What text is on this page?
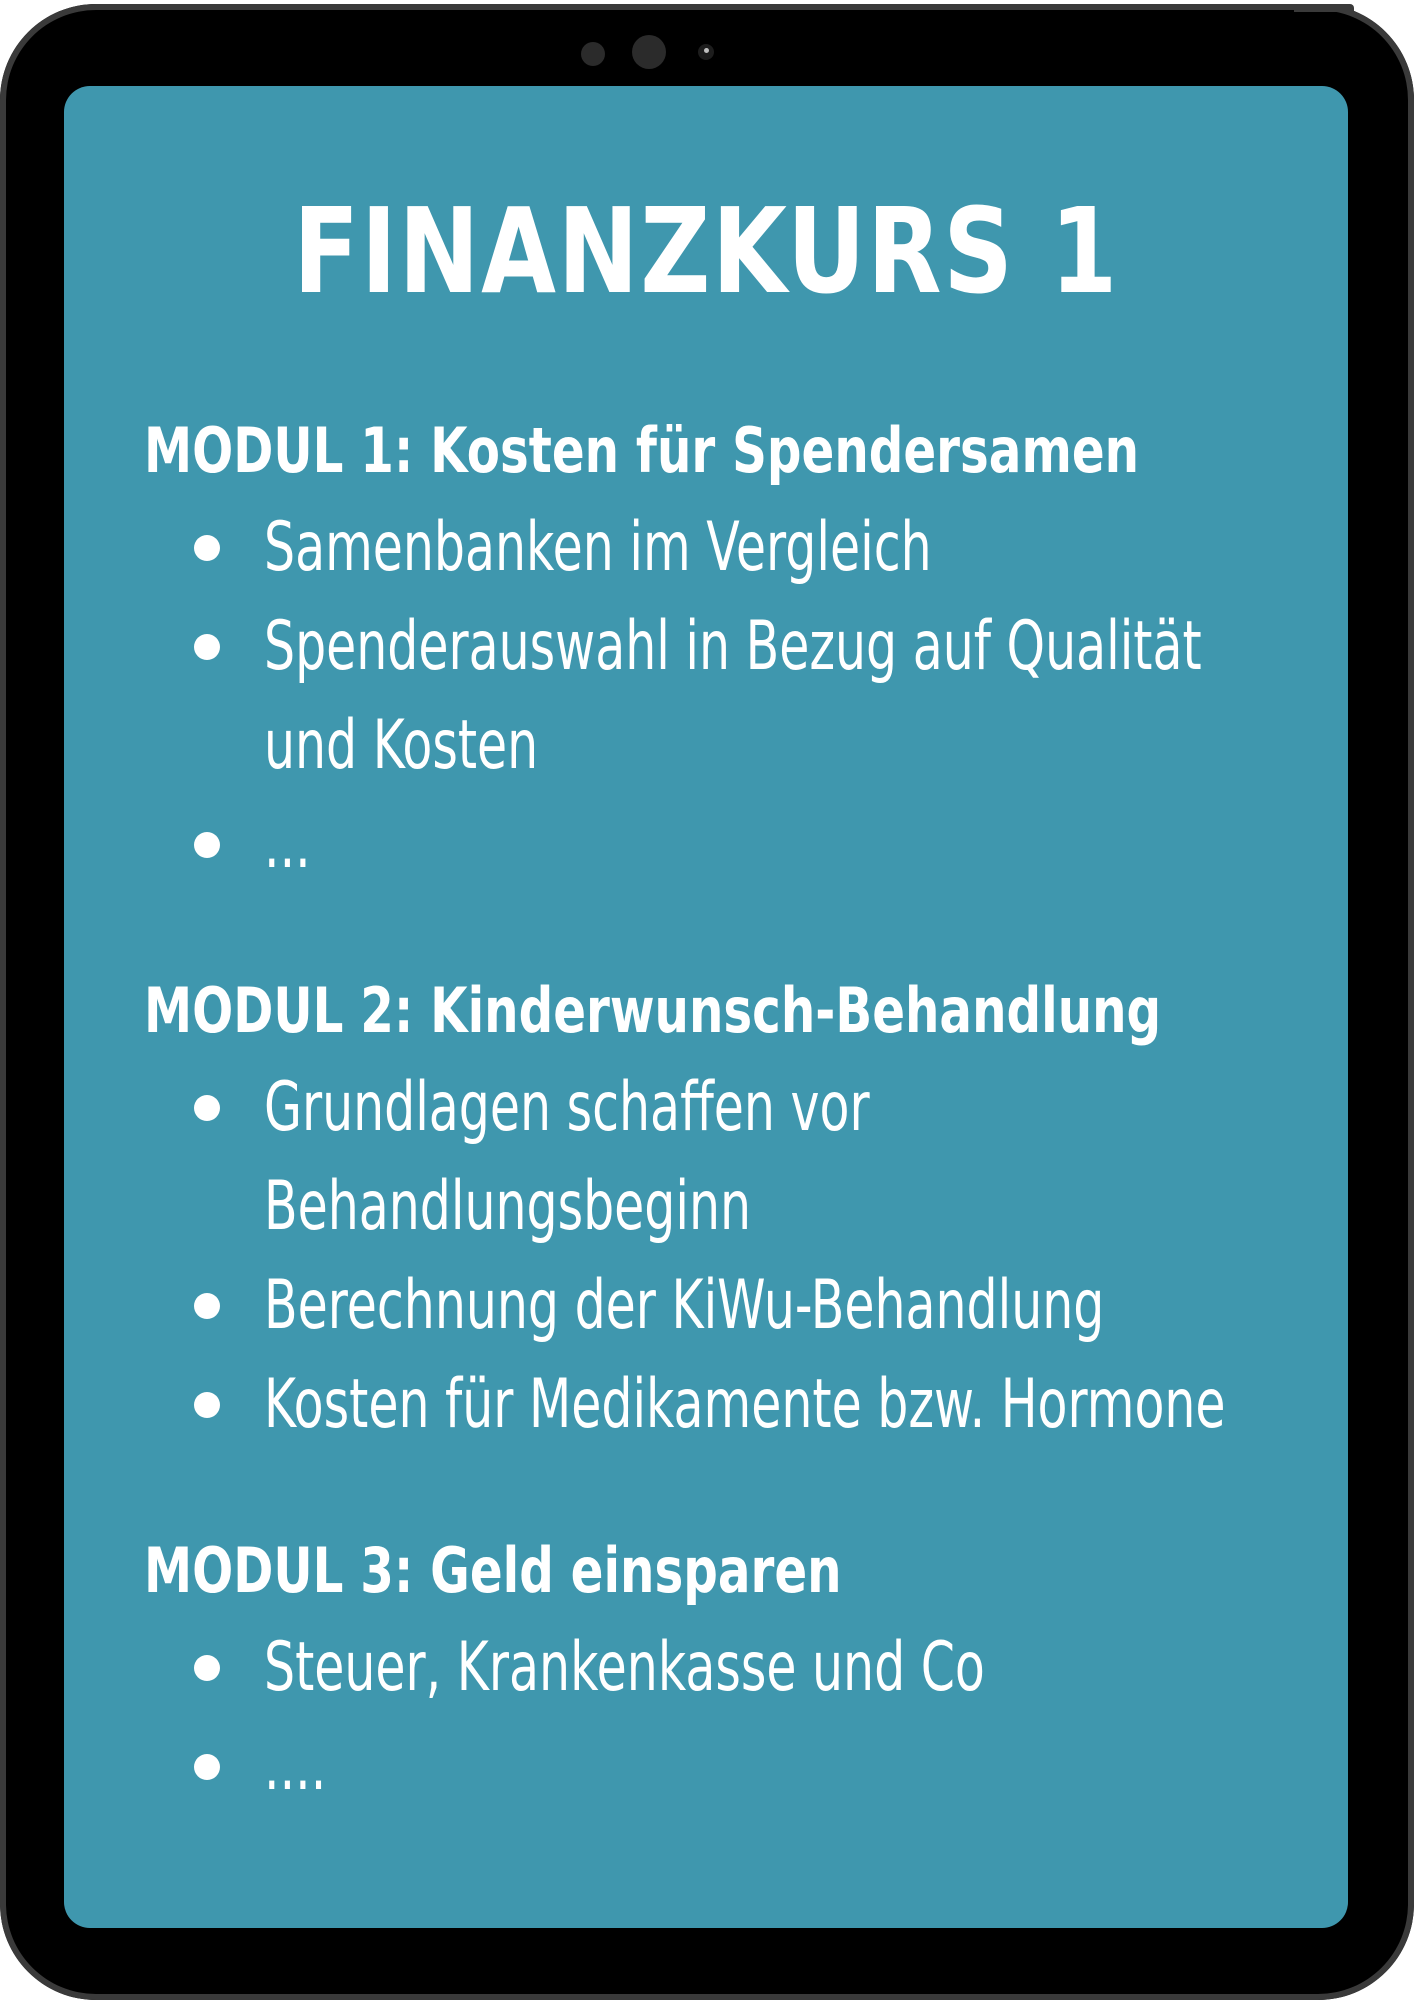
FINANZKURS 1
MODUL 1: Kosten für Spendersamen
Samenbanken im Vergleich
Spenderauswahl in Bezug auf Qualität
und Kosten
...
MODUL 2: Kinderwunsch-Behandlung
Grundlagen schaffen vor
Behandlungsbeginn
Berechnung der KiWu-Behandlung
Kosten für Medikamente bzw. Hormone
MODUL 3: Geld einsparen
Steuer, Krankenkasse und Co
....
